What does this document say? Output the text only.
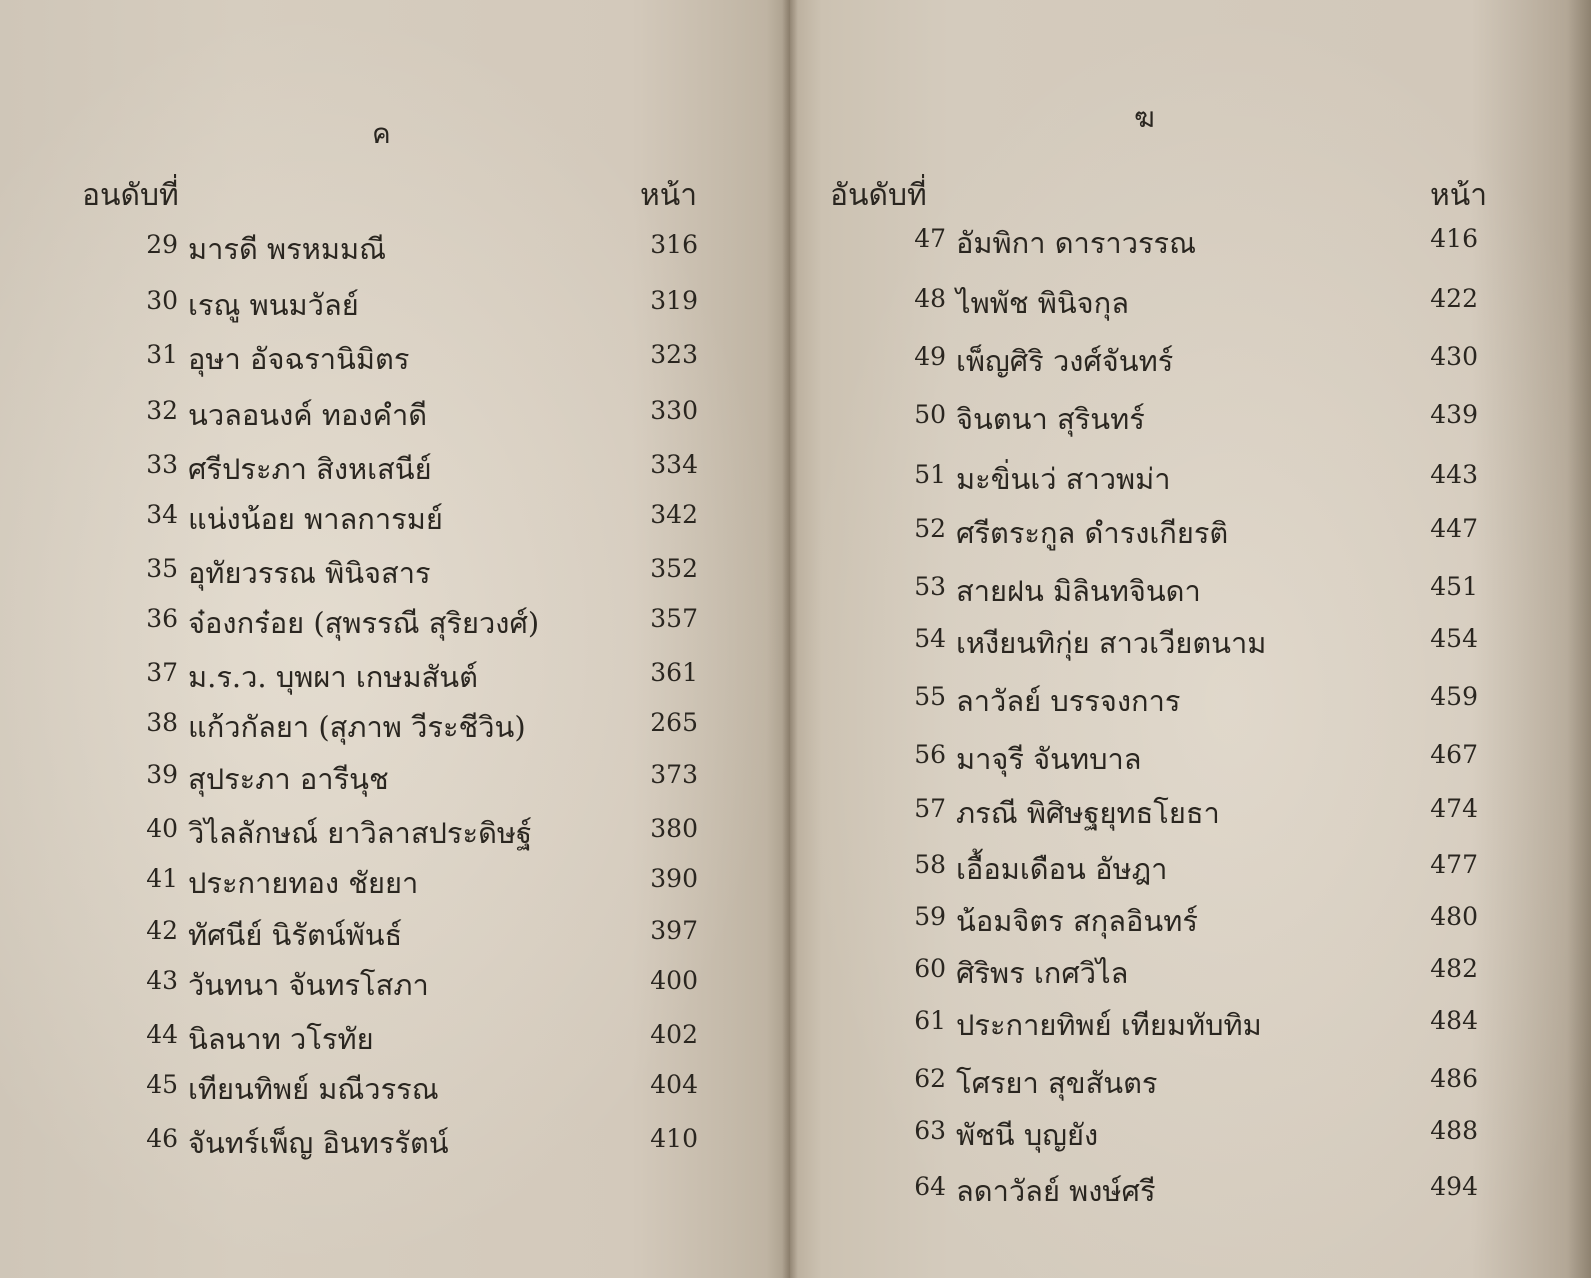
ค
อนดับที่	หน้า
29 มารดี พรหมมณี	316
30 เรณู พนมวัลย์	319
31 อุษา อัจฉรานิมิตร	323
32 นวลอนงค์ ทองคำดี	330
33 ศรีประภา สิงหเสนีย์	334
34 แน่งน้อย พาลการมย์	342
35 อุทัยวรรณ พินิจสาร	352
36 จ๋องกร๋อย (สุพรรณี สุริยวงศ์)	357
37 ม.ร.ว. บุพผา เกษมสันต์	361
38 แก้วกัลยา (สุภาพ วีระชีวิน)	265
39 สุประภา อารีนุช	373
40 วิไลลักษณ์ ยาวิลาสประดิษฐ์	380
41 ประกายทอง ชัยยา	390
42 ทัศนีย์ นิรัตน์พันธ์	397
43 วันทนา จันทรโสภา	400
44 นิลนาท วโรทัย	402
45 เทียนทิพย์ มณีวรรณ	404
46 จันทร์เพ็ญ อินทรรัตน์	410
ฆ
อันดับที่	หน้า
47 อัมพิกา ดาราวรรณ	416
48 ไพพัช พินิจกุล	422
49 เพ็ญศิริ วงศ์จันทร์	430
50 จินตนา สุรินทร์	439
51 มะขิ่นเว่ สาวพม่า	443
52 ศรีตระกูล ดำรงเกียรติ	447
53 สายฝน มิลินทจินดา	451
54 เหงียนทิกุ่ย สาวเวียตนาม	454
55 ลาวัลย์ บรรจงการ	459
56 มาจุรี จันทบาล	467
57 ภรณี พิศิษฐยุทธโยธา	474
58 เอื้อมเดือน อัษฎา	477
59 น้อมจิตร สกุลอินทร์	480
60 ศิริพร เกศวิไล	482
61 ประกายทิพย์ เทียมทับทิม	484
62 โศรยา สุขสันตร	486
63 พัชนี บุญยัง	488
64 ลดาวัลย์ พงษ์ศรี	494
